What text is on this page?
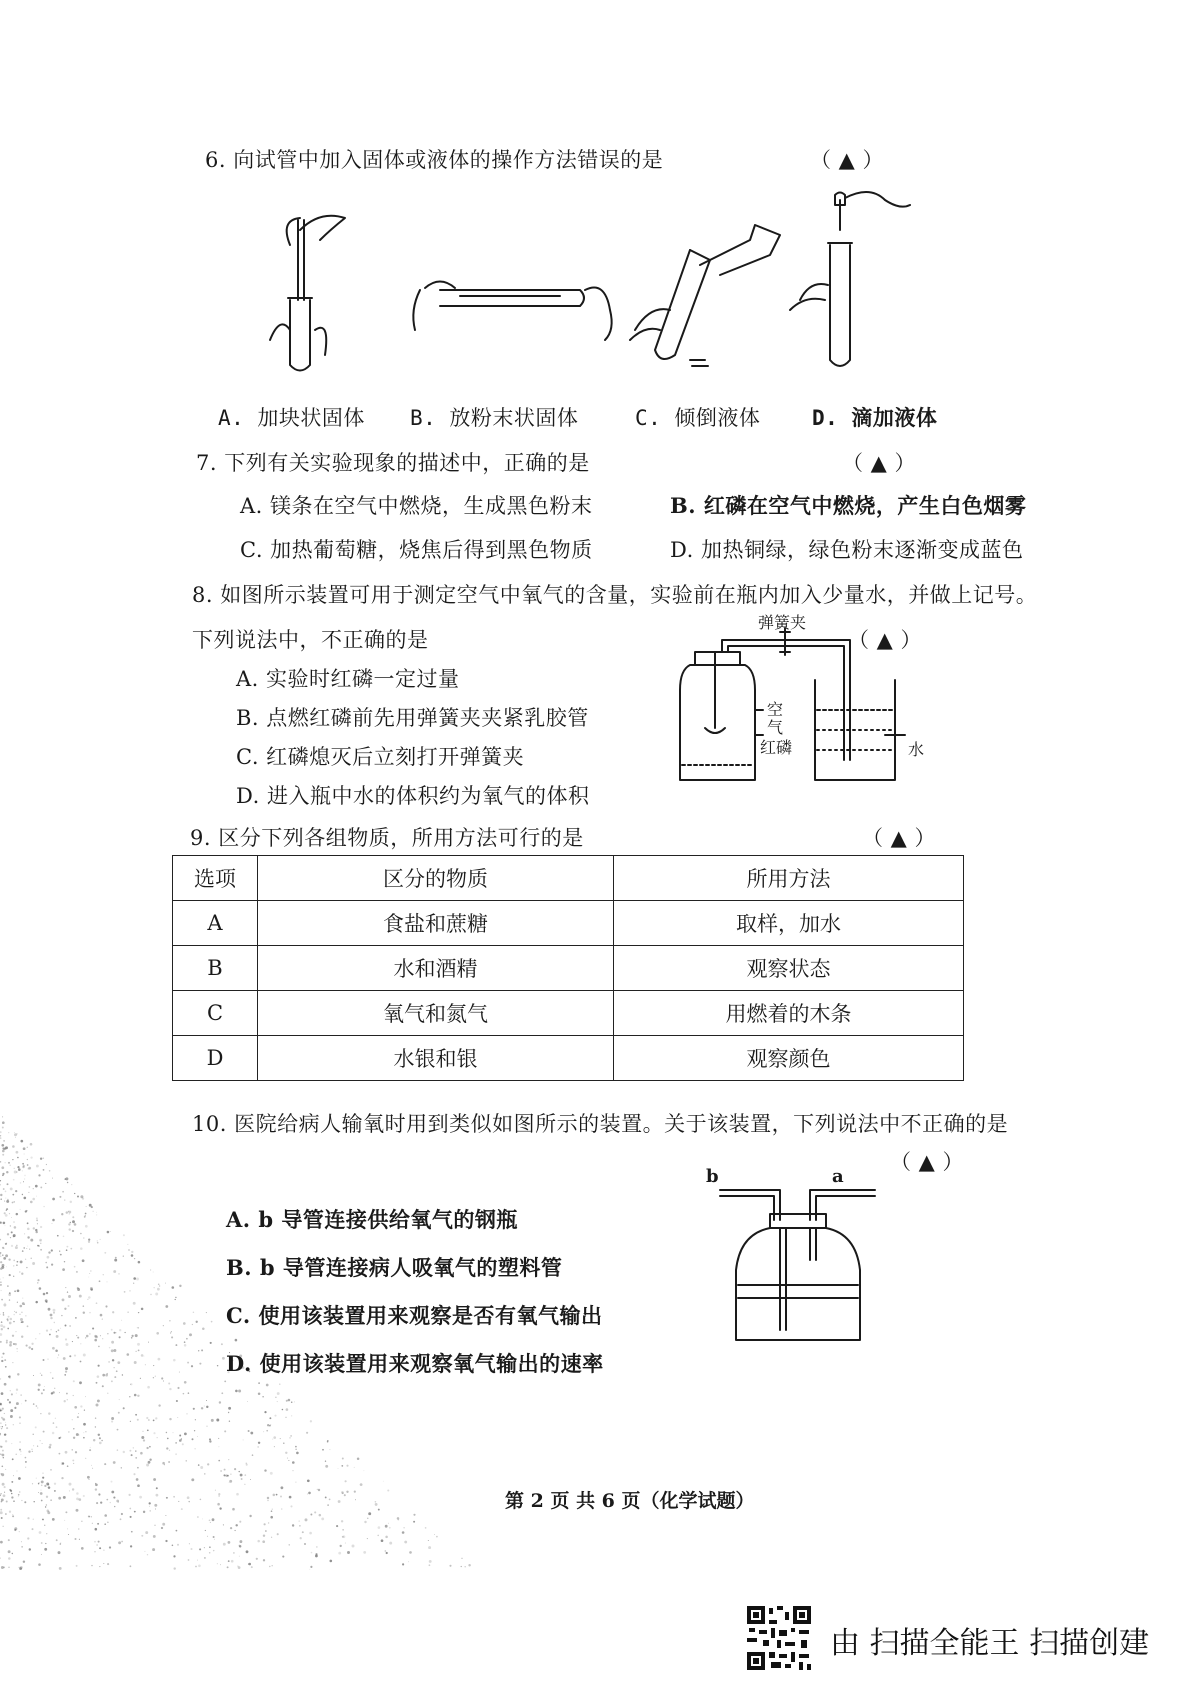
6. 向试管中加入固体或液体的操作方法错误的是	（ ▲ ）
A. 加块状固体 B. 放粉末状固体	C. 倾倒液体 D. 滴加液体
7. 下列有关实验现象的描述中，正确的是	（ ▲ ）
A. 镁条在空气中燃烧，生成黑色粉末	B. 红磷在空气中燃烧，产生白色烟雾
C. 加热葡萄糖，烧焦后得到黑色物质	D. 加热铜绿，绿色粉末逐渐变成蓝色
8. 如图所示装置可用于测定空气中氧气的含量，实验前在瓶内加入少量水，并做上记号。
下列说法中，不正确的是	（ ▲ ）
A. 实验时红磷一定过量
B. 点燃红磷前先用弹簧夹夹紧乳胶管
C. 红磷熄灭后立刻打开弹簧夹
D. 进入瓶中水的体积约为氧气的体积
弹簧夹
空
气
红磷	水
9. 区分下列各组物质，所用方法可行的是	（ ▲ ）
选项	区分的物质	所用方法
A	食盐和蔗糖	取样，加水
B	水和酒精	观察状态
C	氧气和氮气	用燃着的木条
D	水银和银	观察颜色
10. 医院给病人输氧时用到类似如图所示的装置。关于该装置，下列说法中不正确的是
（ ▲ ）
A. b 导管连接供给氧气的钢瓶
B. b 导管连接病人吸氧气的塑料管
C. 使用该装置用来观察是否有氧气输出
D. 使用该装置用来观察氧气输出的速率
b	a
第 2 页 共 6 页（化学试题）
由 扫描全能王 扫描创建
